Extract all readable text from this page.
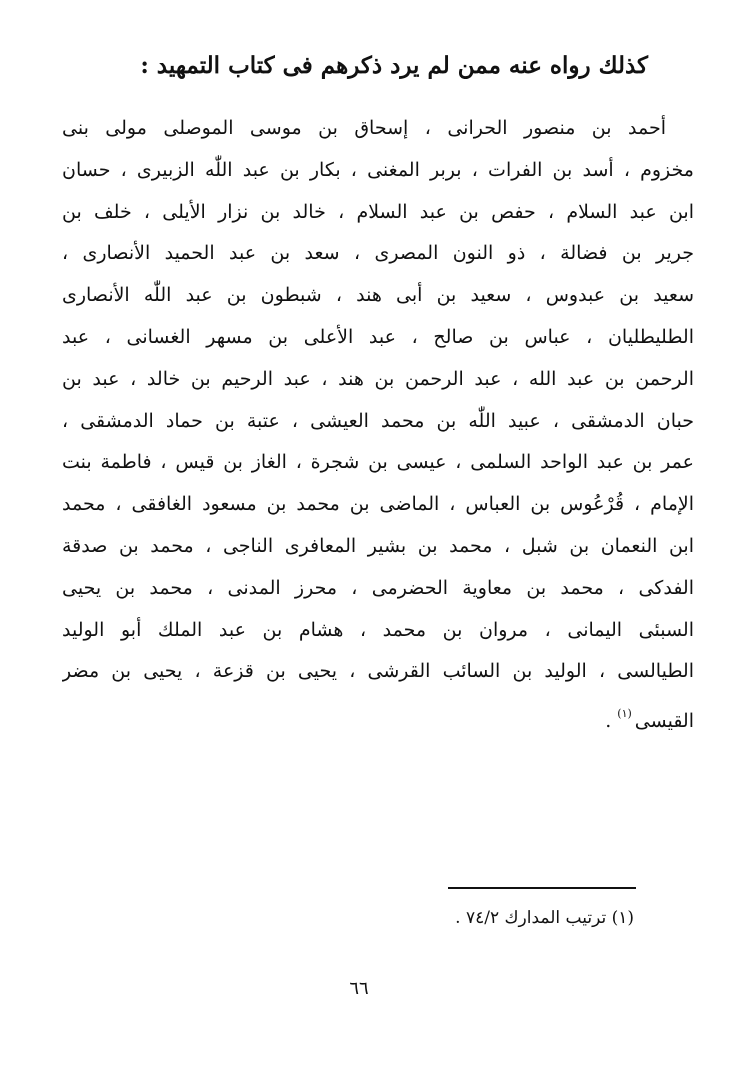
كذلك رواه عنه ممن لم يرد ذكرهم فى كتاب التمهيد :
أحمد بن منصور الحرانى ، إسحاق بن موسى الموصلى مولى بنى
مخزوم ، أسد بن الفرات ، بربر المغنى ، بكار بن عبد اللّٰه الزبيرى ، حسان
ابن عبد السلام ، حفص بن عبد السلام ، خالد بن نزار الأيلى ، خلف بن
جرير بن فضالة ، ذو النون المصرى ، سعد بن عبد الحميد الأنصارى ،
سعيد بن عبدوس ، سعيد بن أبى هند ، شبطون بن عبد اللّٰه الأنصارى
الطليطليان ، عباس بن صالح ، عبد الأعلى بن مسهر الغسانى ، عبد
الرحمن بن عبد الله ، عبد الرحمن بن هند ، عبد الرحيم بن خالد ، عبد بن
حبان الدمشقى ، عبيد اللّٰه بن محمد العيشى ، عتبة بن حماد الدمشقى ،
عمر بن عبد الواحد السلمى ، عيسى بن شجرة ، الغاز بن قيس ، فاطمة بنت
الإمام ، قُرْعُوس بن العباس ، الماضى بن محمد بن مسعود الغافقى ، محمد
ابن النعمان بن شبل ، محمد بن بشير المعافرى الناجى ، محمد بن صدقة
الفدكى ، محمد بن معاوية الحضرمى ، محرز المدنى ، محمد بن يحيى
السبئى اليمانى ، مروان بن محمد ، هشام بن عبد الملك أبو الوليد
الطيالسى ، الوليد بن السائب القرشى ، يحيى بن قزعة ، يحيى بن مضر
القيسى$^{(١)}$.
(١) ترتيب المدارك ٧٤/٢ .
٦٦
